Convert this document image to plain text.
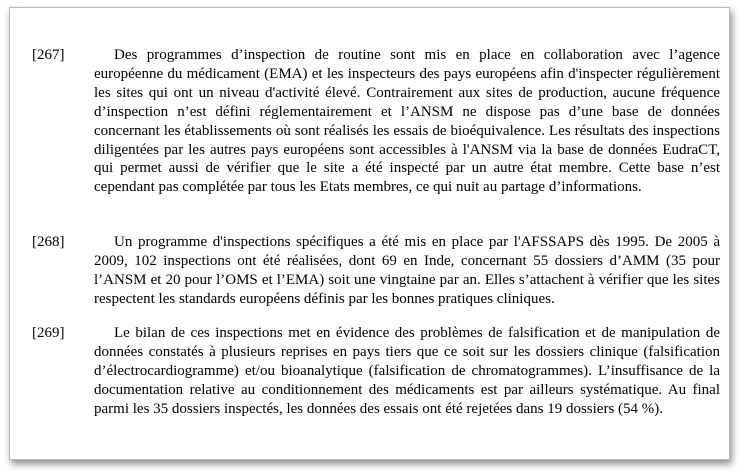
[267]	Des programmes d’inspection de routine sont mis en place en collaboration avec l’agence européenne du médicament (EMA) et les inspecteurs des pays européens afin d'inspecter régulièrement les sites qui ont un niveau d'activité élevé. Contrairement aux sites de production, aucune fréquence d’inspection n’est défini réglementairement et l’ANSM ne dispose pas d’une base de données concernant les établissements où sont réalisés les essais de bioéquivalence. Les résultats des inspections diligentées par les autres pays européens sont accessibles à l'ANSM via la base de données EudraCT, qui permet aussi de vérifier que le site a été inspecté par un autre état membre. Cette base n’est cependant pas complétée par tous les Etats membres, ce qui nuit au partage d’informations.

[268]	Un programme d'inspections spécifiques a été mis en place par l'AFSSAPS dès 1995. De 2005 à 2009, 102 inspections ont été réalisées, dont 69 en Inde, concernant 55 dossiers d’AMM (35 pour l’ANSM et 20 pour l’OMS et l’EMA) soit une vingtaine par an. Elles s’attachent à vérifier que les sites respectent les standards européens définis par les bonnes pratiques cliniques.

[269]	Le bilan de ces inspections met en évidence des problèmes de falsification et de manipulation de données constatés à plusieurs reprises en pays tiers que ce soit sur les dossiers clinique (falsification d’électrocardiogramme) et/ou bioanalytique (falsification de chromatogrammes). L’insuffisance de la documentation relative au conditionnement des médicaments est par ailleurs systématique. Au final parmi les 35 dossiers inspectés, les données des essais ont été rejetées dans 19 dossiers (54 %).
